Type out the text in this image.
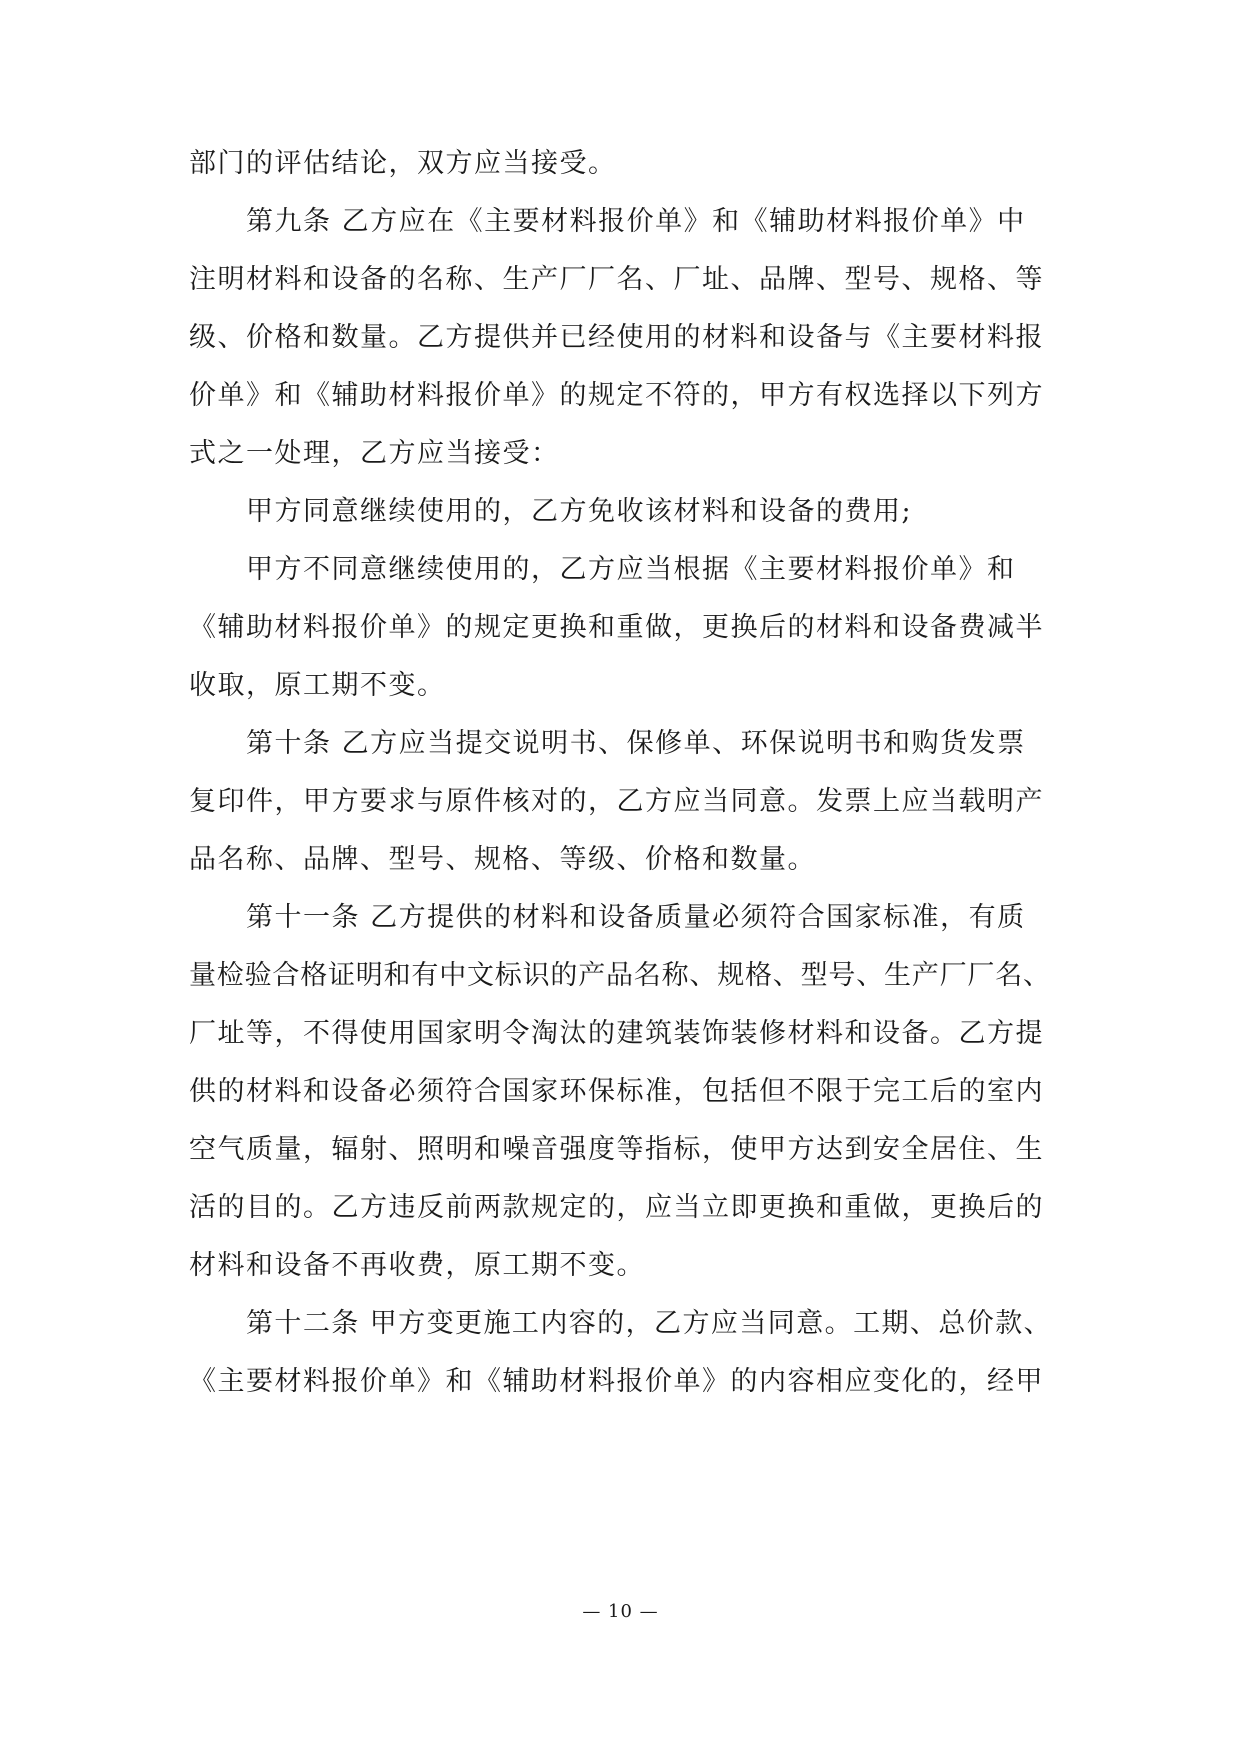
部门的评估结论，双方应当接受。
第九条 乙方应在《主要材料报价单》和《辅助材料报价单》中
注明材料和设备的名称、生产厂厂名、厂址、品牌、型号、规格、等
级、价格和数量。乙方提供并已经使用的材料和设备与《主要材料报
价单》和《辅助材料报价单》的规定不符的，甲方有权选择以下列方
式之一处理，乙方应当接受：
甲方同意继续使用的，乙方免收该材料和设备的费用;
甲方不同意继续使用的，乙方应当根据《主要材料报价单》和
《辅助材料报价单》的规定更换和重做，更换后的材料和设备费减半
收取，原工期不变。
第十条 乙方应当提交说明书、保修单、环保说明书和购货发票
复印件，甲方要求与原件核对的，乙方应当同意。发票上应当载明产
品名称、品牌、型号、规格、等级、价格和数量。
第十一条 乙方提供的材料和设备质量必须符合国家标准，有质
量检验合格证明和有中文标识的产品名称、规格、型号、生产厂厂名、
厂址等，不得使用国家明令淘汰的建筑装饰装修材料和设备。乙方提
供的材料和设备必须符合国家环保标准，包括但不限于完工后的室内
空气质量，辐射、照明和噪音强度等指标，使甲方达到安全居住、生
活的目的。乙方违反前两款规定的，应当立即更换和重做，更换后的
材料和设备不再收费，原工期不变。
第十二条 甲方变更施工内容的，乙方应当同意。工期、总价款、
《主要材料报价单》和《辅助材料报价单》的内容相应变化的，经甲
— 10 —
